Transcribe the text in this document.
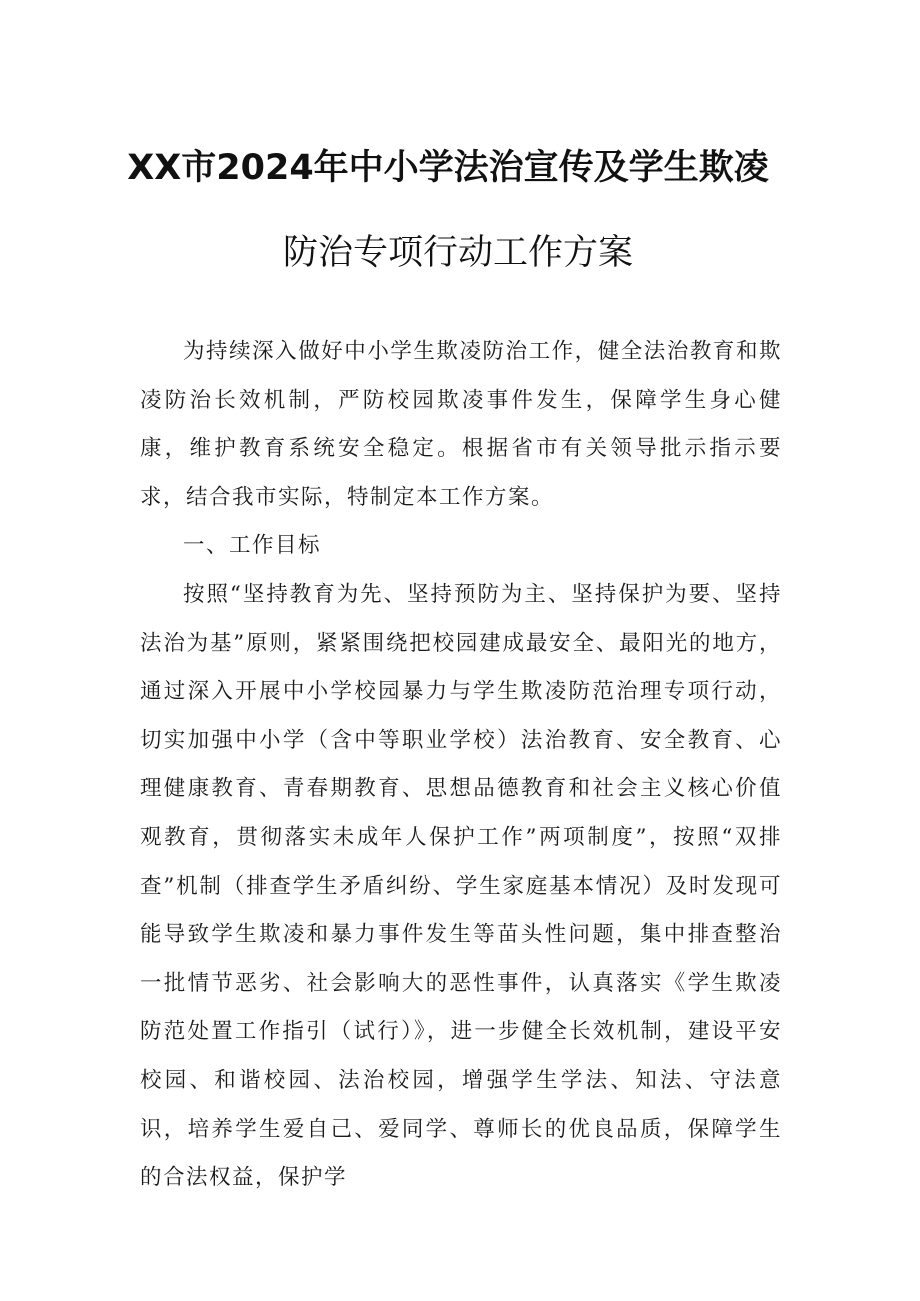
XX市2024年中小学法治宣传及学生欺凌
防治专项行动工作方案

为持续深入做好中小学生欺凌防治工作，健全法治教育和欺凌防治长效机制，严防校园欺凌事件发生，保障学生身心健康，维护教育系统安全稳定。根据省市有关领导批示指示要求，结合我市实际，特制定本工作方案。

一、工作目标

按照“坚持教育为先、坚持预防为主、坚持保护为要、坚持法治为基”原则，紧紧围绕把校园建成最安全、最阳光的地方，通过深入开展中小学校园暴力与学生欺凌防范治理专项行动，切实加强中小学（含中等职业学校）法治教育、安全教育、心理健康教育、青春期教育、思想品德教育和社会主义核心价值观教育，贯彻落实未成年人保护工作”两项制度”，按照“双排查”机制（排查学生矛盾纠纷、学生家庭基本情况）及时发现可能导致学生欺凌和暴力事件发生等苗头性问题，集中排查整治一批情节恶劣、社会影响大的恶性事件，认真落实《学生欺凌防范处置工作指引（试行）》，进一步健全长效机制，建设平安校园、和谐校园、法治校园，增强学生学法、知法、守法意识，培养学生爱自己、爱同学、尊师长的优良品质，保障学生的合法权益，保护学
